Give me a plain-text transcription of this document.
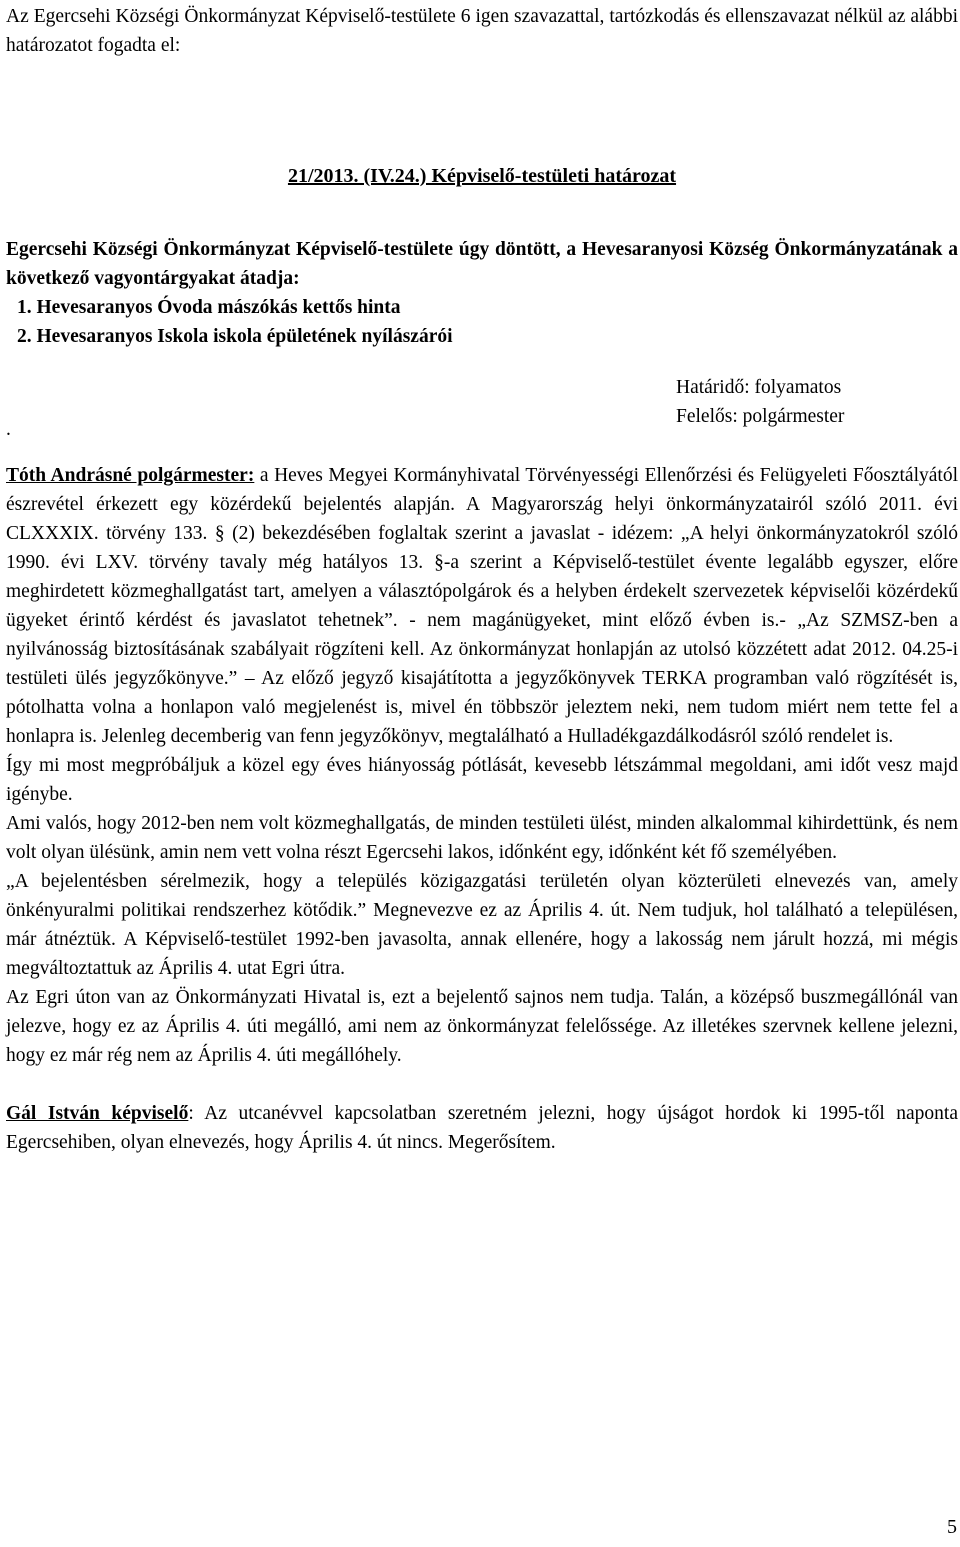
Az Egercsehi Községi Önkormányzat Képviselő-testülete 6 igen szavazattal, tartózkodás és ellenszavazat nélkül az alábbi határozatot fogadta el:

21/2013. (IV.24.) Képviselő-testületi határozat

Egercsehi Községi Önkormányzat Képviselő-testülete úgy döntött, a Hevesaranyosi Község Önkormányzatának a következő vagyontárgyakat átadja:

1. Hevesaranyos Óvoda mászókás kettős hinta
2. Hevesaranyos Iskola iskola épületének nyílászárói
.
Határidő: folyamatos
Felelős: polgármester

Tóth Andrásné polgármester: a Heves Megyei Kormányhivatal Törvényességi Ellenőrzési és Felügyeleti Főosztályától észrevétel érkezett egy közérdekű bejelentés alapján. A Magyarország helyi önkormányzatairól szóló 2011. évi CLXXXIX. törvény 133. § (2) bekezdésében foglaltak szerint a javaslat - idézem: „A helyi önkormányzatokról szóló 1990. évi LXV. törvény tavaly még hatályos 13. §-a szerint a Képviselő-testület évente legalább egyszer, előre meghirdetett közmeghallgatást tart, amelyen a választópolgárok és a helyben érdekelt szervezetek képviselői közérdekű ügyeket érintő kérdést és javaslatot tehetnek”. - nem magánügyeket, mint előző évben is.- „Az SZMSZ-ben a nyilvánosság biztosításának szabályait rögzíteni kell. Az önkormányzat honlapján az utolsó közzétett adat 2012. 04.25-i testületi ülés jegyzőkönyve.” – Az előző jegyző kisajátította a jegyzőkönyvek TERKA programban való rögzítését is, pótolhatta volna a honlapon való megjelenést is, mivel én többször jeleztem neki, nem tudom miért nem tette fel a honlapra is. Jelenleg decemberig van fenn jegyzőkönyv, megtalálható a Hulladékgazdálkodásról szóló rendelet is.

Így mi most megpróbáljuk a közel egy éves hiányosság pótlását, kevesebb létszámmal megoldani, ami időt vesz majd igénybe.

Ami valós, hogy 2012-ben nem volt közmeghallgatás, de minden testületi ülést, minden alkalommal kihirdettünk, és nem volt olyan ülésünk, amin nem vett volna részt Egercsehi lakos, időnként egy, időnként két fő személyében.

„A bejelentésben sérelmezik, hogy a település közigazgatási területén olyan közterületi elnevezés van, amely önkényuralmi politikai rendszerhez kötődik.” Megnevezve ez az Április 4. út. Nem tudjuk, hol található a településen, már átnéztük. A Képviselő-testület 1992-ben javasolta, annak ellenére, hogy a lakosság nem járult hozzá, mi mégis megváltoztattuk az Április 4. utat Egri útra.

Az Egri úton van az Önkormányzati Hivatal is, ezt a bejelentő sajnos nem tudja. Talán, a középső buszmegállónál van jelezve, hogy ez az Április 4. úti megálló, ami nem az önkormányzat felelőssége. Az illetékes szervnek kellene jelezni, hogy ez már rég nem az Április 4. úti megállóhely.

Gál István képviselő: Az utcanévvel kapcsolatban szeretném jelezni, hogy újságot hordok ki 1995-től naponta Egercsehiben, olyan elnevezés, hogy Április 4. út nincs. Megerősítem.

5
